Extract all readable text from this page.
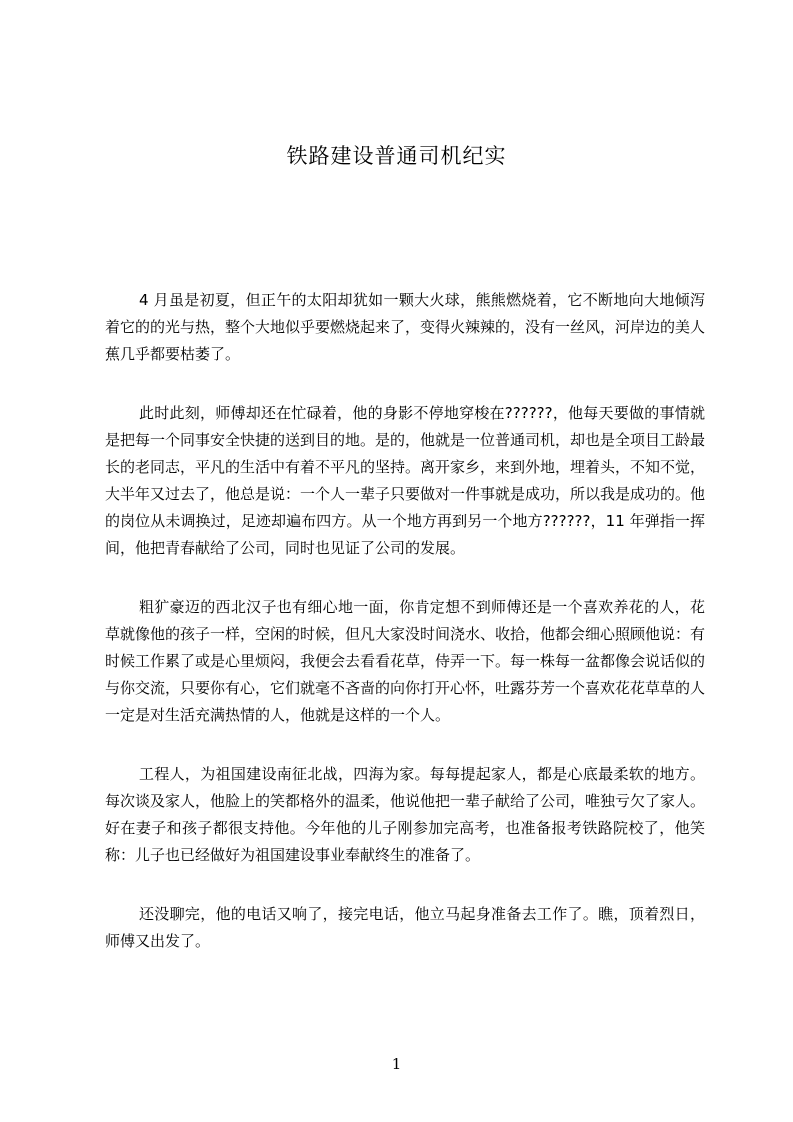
铁路建设普通司机纪实

4 月虽是初夏，但正午的太阳却犹如一颗大火球，熊熊燃烧着，它不断地向大地倾泻着它的的光与热，整个大地似乎要燃烧起来了，变得火辣辣的，没有一丝风，河岸边的美人蕉几乎都要枯萎了。

此时此刻，师傅却还在忙碌着，他的身影不停地穿梭在??????，他每天要做的事情就是把每一个同事安全快捷的送到目的地。是的，他就是一位普通司机，却也是全项目工龄最长的老同志，平凡的生活中有着不平凡的坚持。离开家乡，来到外地，埋着头，不知不觉，大半年又过去了，他总是说：一个人一辈子只要做对一件事就是成功，所以我是成功的。他的岗位从未调换过，足迹却遍布四方。从一个地方再到另一个地方??????，11 年弹指一挥间，他把青春献给了公司，同时也见证了公司的发展。

粗犷豪迈的西北汉子也有细心地一面，你肯定想不到师傅还是一个喜欢养花的人，花草就像他的孩子一样，空闲的时候，但凡大家没时间浇水、收拾，他都会细心照顾他说：有时候工作累了或是心里烦闷，我便会去看看花草，侍弄一下。每一株每一盆都像会说话似的与你交流，只要你有心，它们就毫不吝啬的向你打开心怀，吐露芬芳一个喜欢花花草草的人一定是对生活充满热情的人，他就是这样的一个人。

工程人，为祖国建设南征北战，四海为家。每每提起家人，都是心底最柔软的地方。每次谈及家人，他脸上的笑都格外的温柔，他说他把一辈子献给了公司，唯独亏欠了家人。好在妻子和孩子都很支持他。今年他的儿子刚参加完高考，也准备报考铁路院校了，他笑称：儿子也已经做好为祖国建设事业奉献终生的准备了。

还没聊完，他的电话又响了，接完电话，他立马起身准备去工作了。瞧，顶着烈日，师傅又出发了。

1
